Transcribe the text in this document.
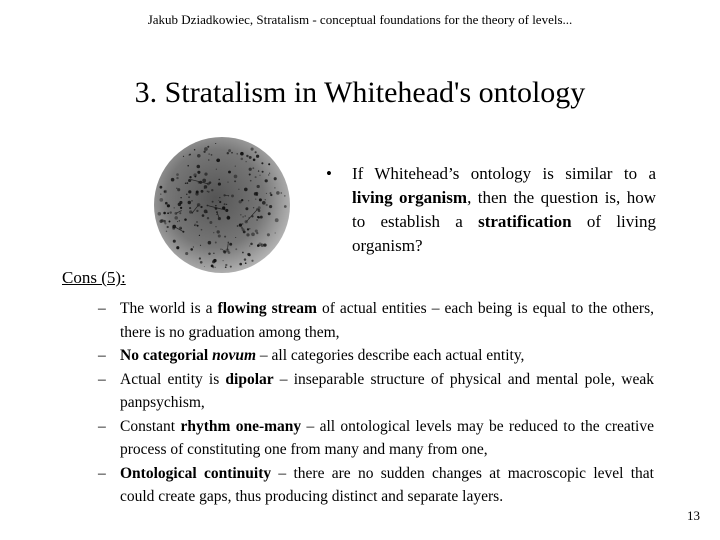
Jakub Dziadkowiec, Stratalism - conceptual foundations for the theory of levels...
3. Stratalism in Whitehead's ontology
• If Whitehead’s ontology is similar to a living organism, then the question is, how to establish a stratification of living organism?
Cons (5):
– The world is a flowing stream of actual entities – each being is equal to the others, there is no graduation among them,
– No categorial novum – all categories describe each actual entity,
– Actual entity is dipolar – inseparable structure of physical and mental pole, weak panpsychism,
– Constant rhythm one-many – all ontological levels may be reduced to the creative process of constituting one from many and many from one,
– Ontological continuity – there are no sudden changes at macroscopic level that could create gaps, thus producing distinct and separate layers.
13
